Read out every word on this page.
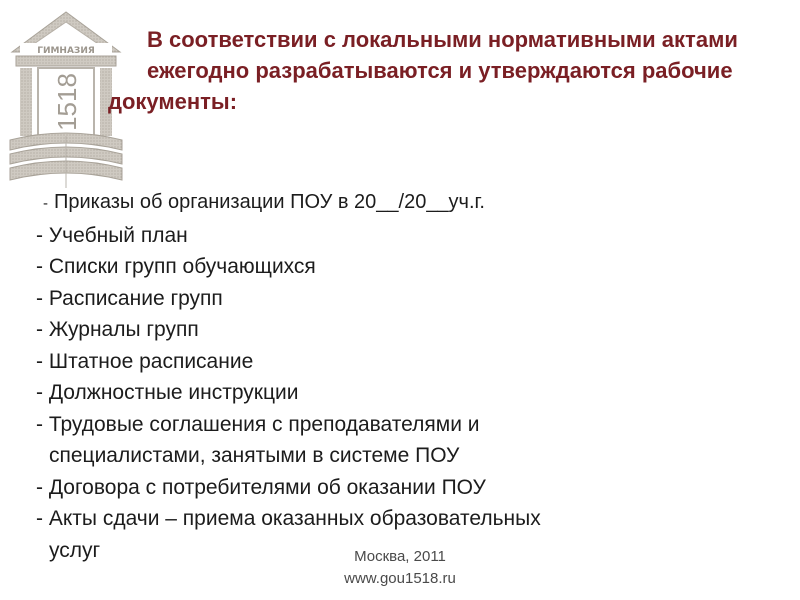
ГИМНАЗИЯ
1518
В соответствии с локальными нормативными актами
ежегодно разрабатываются и утверждаются рабочие
документы:
- Приказы об организации ПОУ в 20__/20__уч.г.
- Учебный план
- Списки групп обучающихся
- Расписание групп
- Журналы групп
- Штатное расписание
- Должностные инструкции
- Трудовые соглашения с преподавателями и
специалистами, занятыми в системе ПОУ
- Договора с потребителями об оказании ПОУ
- Акты сдачи – приема оказанных образовательных
услуг	Москва, 2011
www.gou1518.ru
